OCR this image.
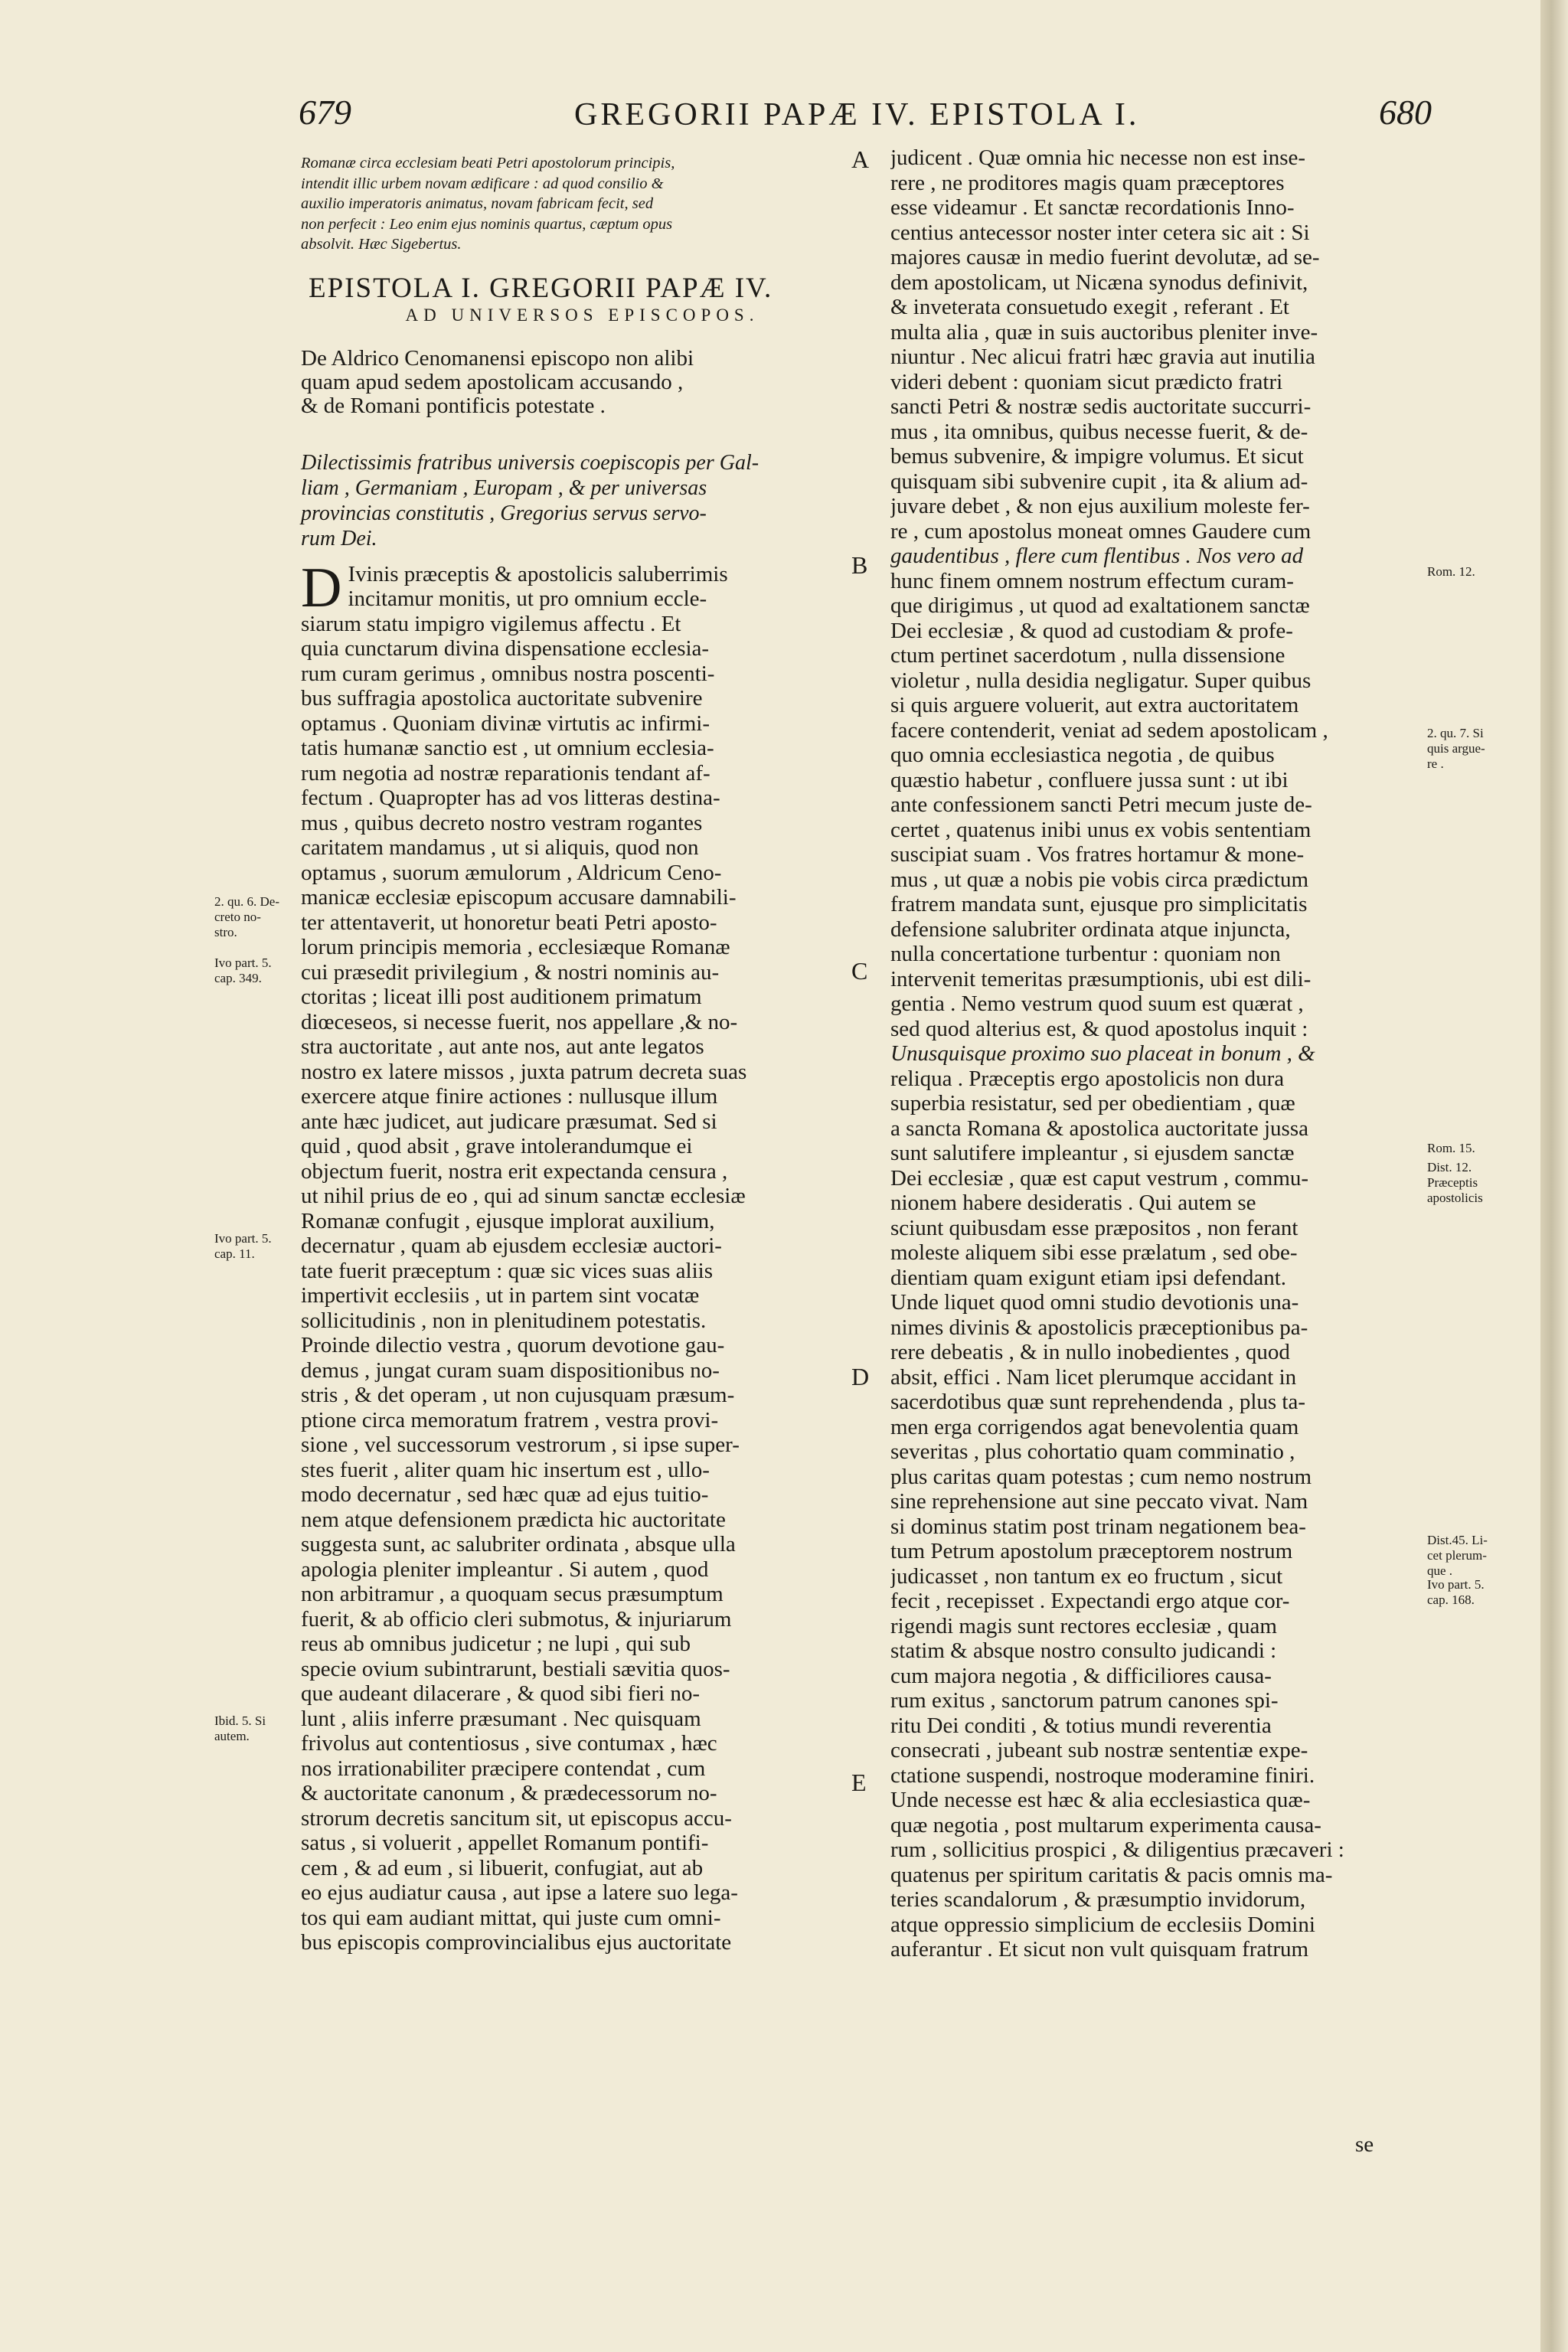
679	GREGORII PAPÆ IV. EPISTOLA I.	680
Romanæ circa ecclesiam beati Petri apostolorum principis,
intendit illic urbem novam ædificare : ad quod consilio &
auxilio imperatoris animatus, novam fabricam fecit, sed
non perfecit : Leo enim ejus nominis quartus, cæptum opus
absolvit. Hæc Sigebertus.
EPISTOLA I. GREGORII PAPÆ IV.
AD UNIVERSOS EPISCOPOS.
De Aldrico Cenomanensi episcopo non alibi
quam apud sedem apostolicam accusando ,
& de Romani pontificis potestate .
Dilectissimis fratribus universis coepiscopis per Gal-
liam , Germaniam , Europam , & per universas
provincias constitutis , Gregorius servus servo-
rum Dei.
D Ivinis præceptis & apostolicis saluberrimis
incitamur monitis, ut pro omnium eccle-
siarum statu impigro vigilemus affectu . Et
quia cunctarum divina dispensatione ecclesia-
rum curam gerimus , omnibus nostra poscenti-
bus suffragia apostolica auctoritate subvenire
optamus . Quoniam divinæ virtutis ac infirmi-
tatis humanæ sanctio est , ut omnium ecclesia-
rum negotia ad nostræ reparationis tendant af-
fectum . Quapropter has ad vos litteras destina-
mus , quibus decreto nostro vestram rogantes
caritatem mandamus , ut si aliquis, quod non
optamus , suorum æmulorum , Aldricum Ceno-
manicæ ecclesiæ episcopum accusare damnabili-
ter attentaverit, ut honoretur beati Petri aposto-
lorum principis memoria , ecclesiæque Romanæ
cui præsedit privilegium , & nostri nominis au-
ctoritas ; liceat illi post auditionem primatum
diœceseos, si necesse fuerit, nos appellare ,& no-
stra auctoritate , aut ante nos, aut ante legatos
nostro ex latere missos , juxta patrum decreta suas
exercere atque finire actiones : nullusque illum
ante hæc judicet, aut judicare præsumat. Sed si
quid , quod absit , grave intolerandumque ei
objectum fuerit, nostra erit expectanda censura ,
ut nihil prius de eo , qui ad sinum sanctæ ecclesiæ
Romanæ confugit , ejusque implorat auxilium,
decernatur , quam ab ejusdem ecclesiæ auctori-
tate fuerit præceptum : quæ sic vices suas aliis
impertivit ecclesiis , ut in partem sint vocatæ
sollicitudinis , non in plenitudinem potestatis.
Proinde dilectio vestra , quorum devotione gau-
demus , jungat curam suam dispositionibus no-
stris , & det operam , ut non cujusquam præsum-
ptione circa memoratum fratrem , vestra provi-
sione , vel successorum vestrorum , si ipse super-
stes fuerit , aliter quam hic insertum est , ullo-
modo decernatur , sed hæc quæ ad ejus tuitio-
nem atque defensionem prædicta hic auctoritate
suggesta sunt, ac salubriter ordinata , absque ulla
apologia pleniter impleantur . Si autem , quod
non arbitramur , a quoquam secus præsumptum
fuerit, & ab officio cleri submotus, & injuriarum
reus ab omnibus judicetur ; ne lupi , qui sub
specie ovium subintrarunt, bestiali sævitia quos-
que audeant dilacerare , & quod sibi fieri no-
lunt , aliis inferre præsumant . Nec quisquam
frivolus aut contentiosus , sive contumax , hæc
nos irrationabiliter præcipere contendat , cum
& auctoritate canonum , & prædecessorum no-
strorum decretis sancitum sit, ut episcopus accu-
satus , si voluerit , appellet Romanum pontifi-
cem , & ad eum , si libuerit, confugiat, aut ab
eo ejus audiatur causa , aut ipse a latere suo lega-
tos qui eam audiant mittat, qui juste cum omni-
bus episcopis comprovincialibus ejus auctoritate
judicent . Quæ omnia hic necesse non est inse-
rere , ne proditores magis quam præceptores
esse videamur . Et sanctæ recordationis Inno-
centius antecessor noster inter cetera sic ait : Si
majores causæ in medio fuerint devolutæ, ad se-
dem apostolicam, ut Nicæna synodus definivit,
& inveterata consuetudo exegit , referant . Et
multa alia , quæ in suis auctoribus pleniter inve-
niuntur . Nec alicui fratri hæc gravia aut inutilia
videri debent : quoniam sicut prædicto fratri
sancti Petri & nostræ sedis auctoritate succurri-
mus , ita omnibus, quibus necesse fuerit, & de-
bemus subvenire, & impigre volumus. Et sicut
quisquam sibi subvenire cupit , ita & alium ad-
juvare debet , & non ejus auxilium moleste fer-
re , cum apostolus moneat omnes Gaudere cum
gaudentibus , flere cum flentibus . Nos vero ad
hunc finem omnem nostrum effectum curam-
que dirigimus , ut quod ad exaltationem sanctæ
Dei ecclesiæ , & quod ad custodiam & profe-
ctum pertinet sacerdotum , nulla dissensione
violetur , nulla desidia negligatur. Super quibus
si quis arguere voluerit, aut extra auctoritatem
facere contenderit, veniat ad sedem apostolicam ,
quo omnia ecclesiastica negotia , de quibus
quæstio habetur , confluere jussa sunt : ut ibi
ante confessionem sancti Petri mecum juste de-
certet , quatenus inibi unus ex vobis sententiam
suscipiat suam . Vos fratres hortamur & mone-
mus , ut quæ a nobis pie vobis circa prædictum
fratrem mandata sunt, ejusque pro simplicitatis
defensione salubriter ordinata atque injuncta,
nulla concertatione turbentur : quoniam non
intervenit temeritas præsumptionis, ubi est dili-
gentia . Nemo vestrum quod suum est quærat ,
sed quod alterius est, & quod apostolus inquit :
Unusquisque proximo suo placeat in bonum , &
reliqua . Præceptis ergo apostolicis non dura
superbia resistatur, sed per obedientiam , quæ
a sancta Romana & apostolica auctoritate jussa
sunt salutifere impleantur , si ejusdem sanctæ
Dei ecclesiæ , quæ est caput vestrum , commu-
nionem habere desideratis . Qui autem se
sciunt quibusdam esse præpositos , non ferant
moleste aliquem sibi esse prælatum , sed obe-
dientiam quam exigunt etiam ipsi defendant.
Unde liquet quod omni studio devotionis una-
nimes divinis & apostolicis præceptionibus pa-
rere debeatis , & in nullo inobedientes , quod
absit, effici . Nam licet plerumque accidant in
sacerdotibus quæ sunt reprehendenda , plus ta-
men erga corrigendos agat benevolentia quam
severitas , plus cohortatio quam comminatio ,
plus caritas quam potestas ; cum nemo nostrum
sine reprehensione aut sine peccato vivat. Nam
si dominus statim post trinam negationem bea-
tum Petrum apostolum præceptorem nostrum
judicasset , non tantum ex eo fructum , sicut
fecit , recepisset . Expectandi ergo atque cor-
rigendi magis sunt rectores ecclesiæ , quam
statim & absque nostro consulto judicandi :
cum majora negotia , & difficiliores causa-
rum exitus , sanctorum patrum canones spi-
ritu Dei conditi , & totius mundi reverentia
consecrati , jubeant sub nostræ sententiæ expe-
ctatione suspendi, nostroque moderamine finiri.
Unde necesse est hæc & alia ecclesiastica quæ-
quæ negotia , post multarum experimenta causa-
rum , sollicitius prospici , & diligentius præcaveri :
quatenus per spiritum caritatis & pacis omnis ma-
teries scandalorum , & præsumptio invidorum,
atque oppressio simplicium de ecclesiis Domini
auferantur . Et sicut non vult quisquam fratrum
A
B
C
D
E
2. qu. 6. De-
creto no-
stro.
Ivo part. 5.
cap. 349.
Ivo part. 5.
cap. 11.
Ibid. 5. Si
autem.
Rom. 12.
2. qu. 7. Si
quis argue-
re .
Rom. 15.
Dist. 12.
Præceptis
apostolicis
Dist.45. Li-
cet plerum-
que .
Ivo part. 5.
cap. 168.
se
